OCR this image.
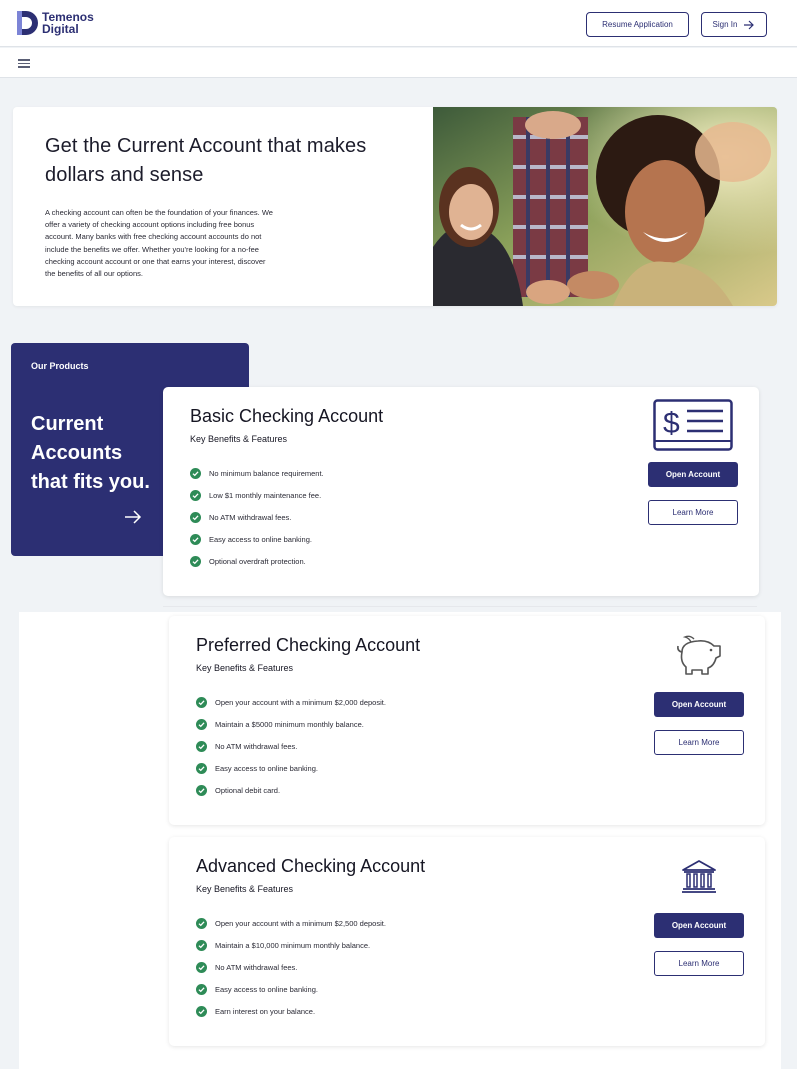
Temenos
Digital	Resume Application	Sign In
Get the Current Account that makes dollars and sense

A checking account can often be the foundation of your finances. We offer a variety of checking account options including free bonus account. Many banks with free checking account accounts do not include the benefits we offer. Whether you're looking for a no-fee checking account account or one that earns your interest, discover the benefits of all our options.

Our Products
Current Accounts that fits you.
Basic Checking Account
Key Benefits & Features
No minimum balance requirement.
Low $1 monthly maintenance fee.
No ATM withdrawal fees.
Easy access to online banking.
Optional overdraft protection.
$
Open Account
Learn More
Preferred Checking Account
Key Benefits & Features
Open your account with a minimum $2,000 deposit.
Maintain a $5000 minimum monthly balance.
No ATM withdrawal fees.
Easy access to online banking.
Optional debit card.
Open Account
Learn More
Advanced Checking Account
Key Benefits & Features
Open your account with a minimum $2,500 deposit.
Maintain a $10,000 minimum monthly balance.
No ATM withdrawal fees.
Easy access to online banking.
Earn interest on your balance.
Open Account
Learn More
